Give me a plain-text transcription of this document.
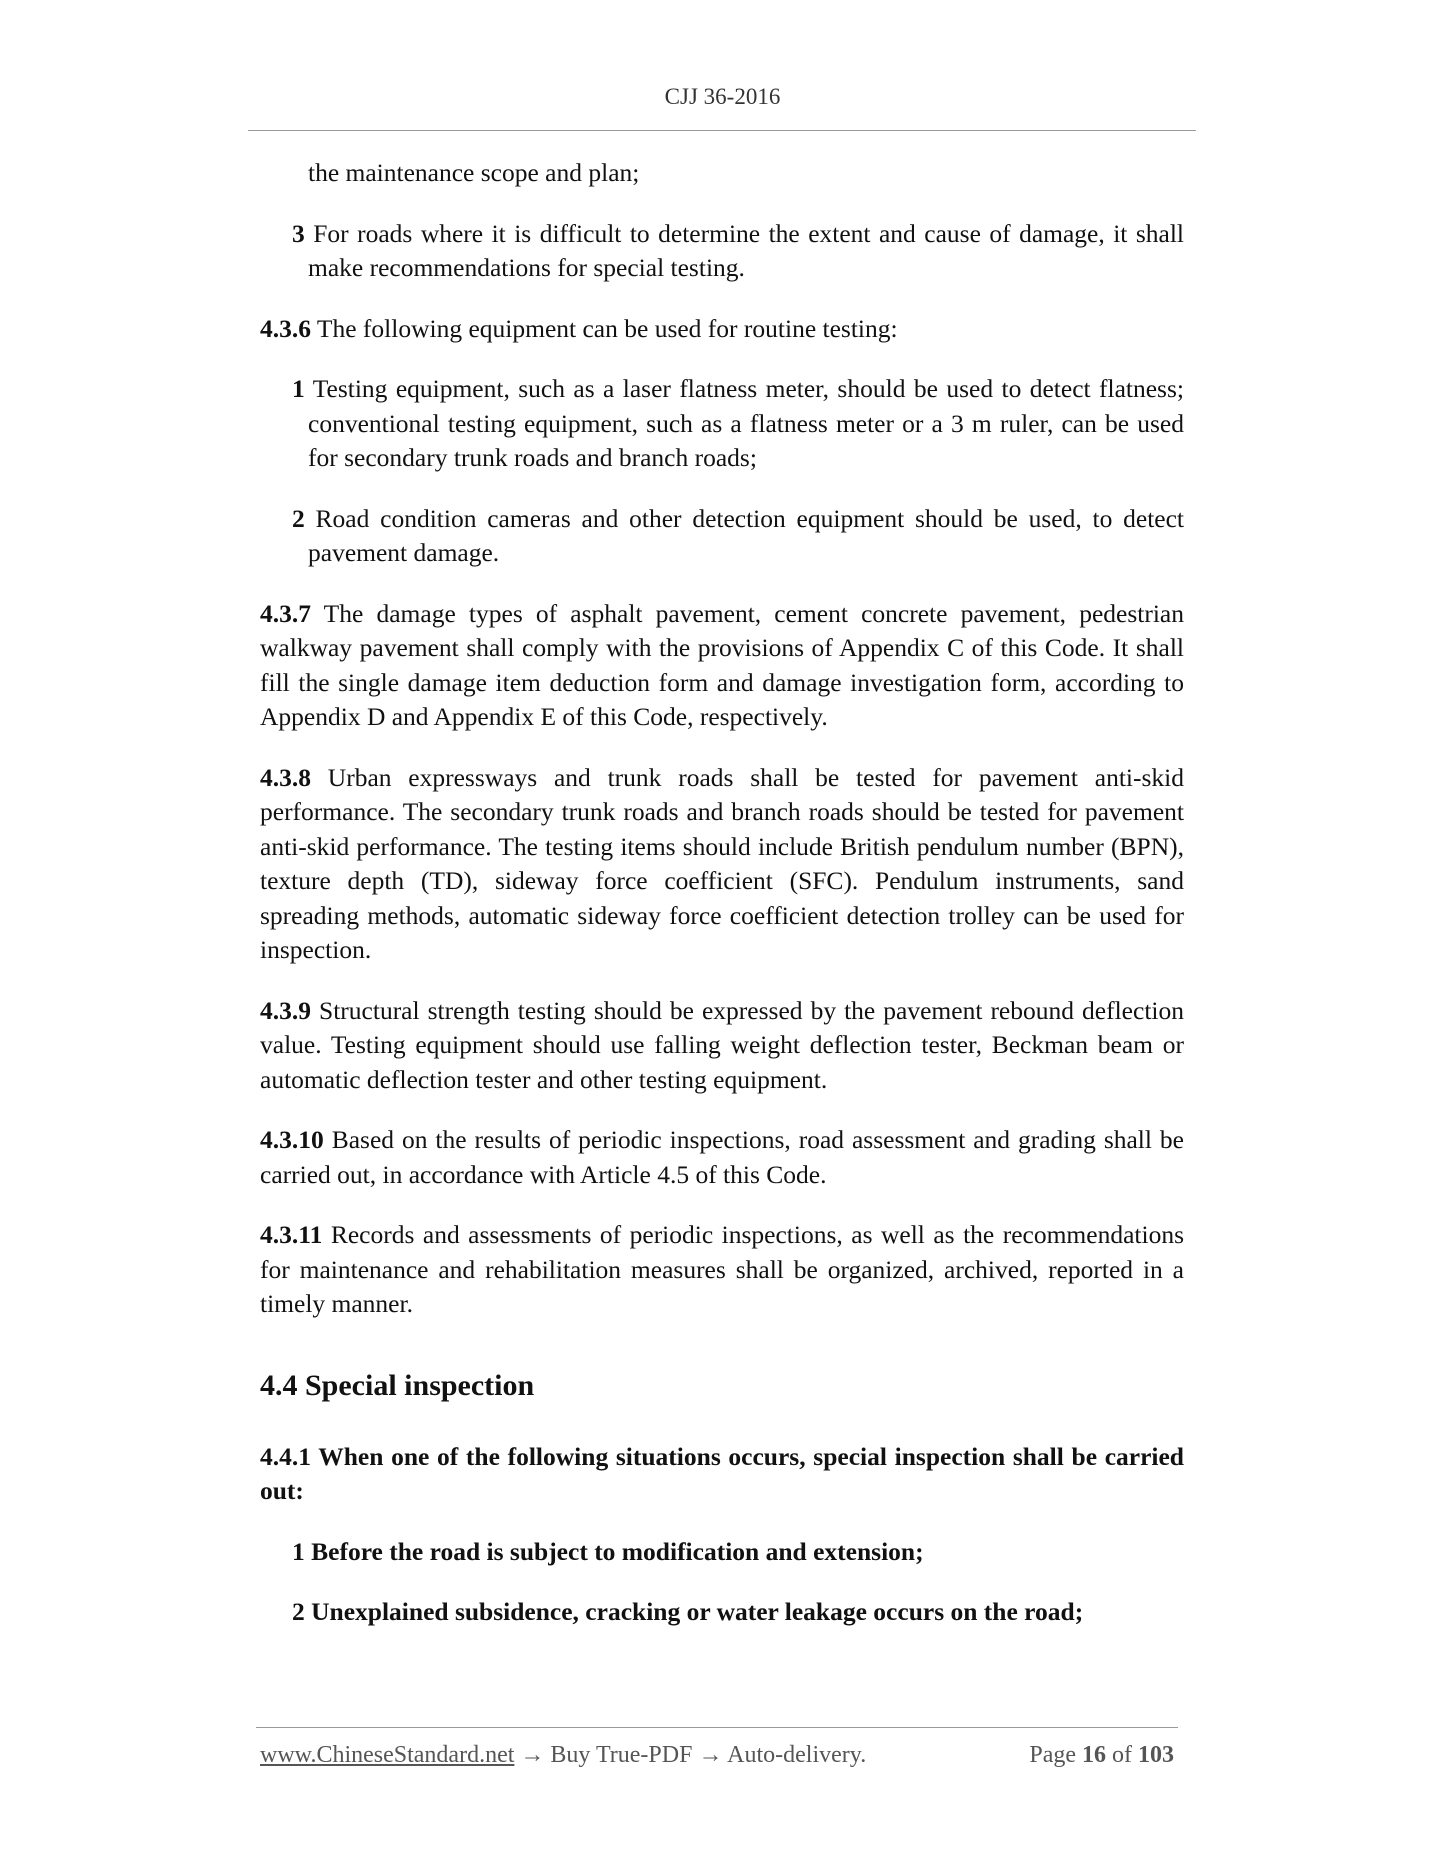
CJJ 36-2016

the maintenance scope and plan;

3 For roads where it is difficult to determine the extent and cause of damage, it shall make recommendations for special testing.

4.3.6 The following equipment can be used for routine testing:

1 Testing equipment, such as a laser flatness meter, should be used to detect flatness; conventional testing equipment, such as a flatness meter or a 3 m ruler, can be used for secondary trunk roads and branch roads;

2 Road condition cameras and other detection equipment should be used, to detect pavement damage.

4.3.7 The damage types of asphalt pavement, cement concrete pavement, pedestrian walkway pavement shall comply with the provisions of Appendix C of this Code. It shall fill the single damage item deduction form and damage investigation form, according to Appendix D and Appendix E of this Code, respectively.

4.3.8 Urban expressways and trunk roads shall be tested for pavement anti-skid performance. The secondary trunk roads and branch roads should be tested for pavement anti-skid performance. The testing items should include British pendulum number (BPN), texture depth (TD), sideway force coefficient (SFC). Pendulum instruments, sand spreading methods, automatic sideway force coefficient detection trolley can be used for inspection.

4.3.9 Structural strength testing should be expressed by the pavement rebound deflection value. Testing equipment should use falling weight deflection tester, Beckman beam or automatic deflection tester and other testing equipment.

4.3.10 Based on the results of periodic inspections, road assessment and grading shall be carried out, in accordance with Article 4.5 of this Code.

4.3.11 Records and assessments of periodic inspections, as well as the recommendations for maintenance and rehabilitation measures shall be organized, archived, reported in a timely manner.

4.4 Special inspection

4.4.1 When one of the following situations occurs, special inspection shall be carried out:

1 Before the road is subject to modification and extension;

2 Unexplained subsidence, cracking or water leakage occurs on the road;

www.ChineseStandard.net → Buy True-PDF → Auto-delivery.	Page 16 of 103
